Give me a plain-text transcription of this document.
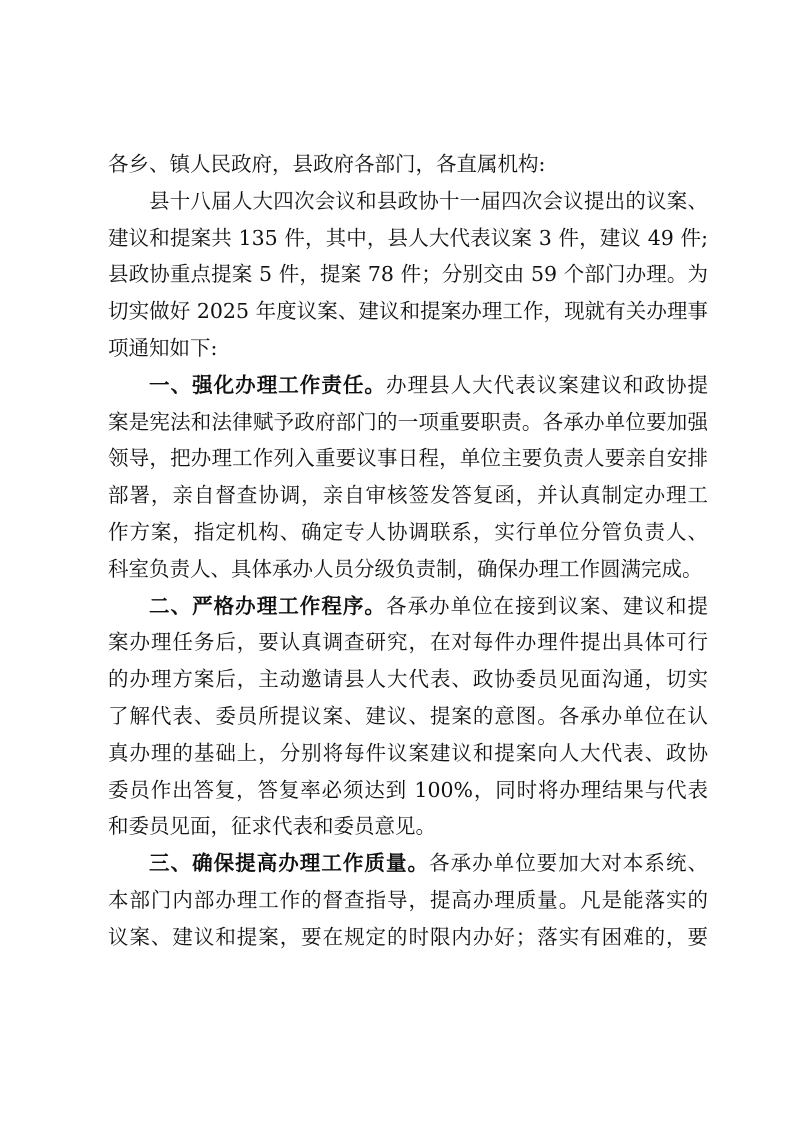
各乡、镇人民政府，县政府各部门，各直属机构:
县十八届人大四次会议和县政协十一届四次会议提出的议案、
建议和提案共 135 件，其中，县人大代表议案 3 件，建议 49 件;
县政协重点提案 5 件，提案 78 件；分别交由 59 个部门办理。为
切实做好 2025 年度议案、建议和提案办理工作，现就有关办理事
项通知如下:
一、强化办理工作责任。办理县人大代表议案建议和政协提
案是宪法和法律赋予政府部门的一项重要职责。各承办单位要加强
领导，把办理工作列入重要议事日程，单位主要负责人要亲自安排
部署，亲自督查协调，亲自审核签发答复函，并认真制定办理工
作方案，指定机构、确定专人协调联系，实行单位分管负责人、
科室负责人、具体承办人员分级负责制，确保办理工作圆满完成。
二、严格办理工作程序。各承办单位在接到议案、建议和提
案办理任务后，要认真调查研究，在对每件办理件提出具体可行
的办理方案后，主动邀请县人大代表、政协委员见面沟通，切实
了解代表、委员所提议案、建议、提案的意图。各承办单位在认
真办理的基础上，分别将每件议案建议和提案向人大代表、政协
委员作出答复，答复率必须达到 100%，同时将办理结果与代表
和委员见面，征求代表和委员意见。
三、确保提高办理工作质量。各承办单位要加大对本系统、
本部门内部办理工作的督查指导，提高办理质量。凡是能落实的
议案、建议和提案，要在规定的时限内办好；落实有困难的，要
